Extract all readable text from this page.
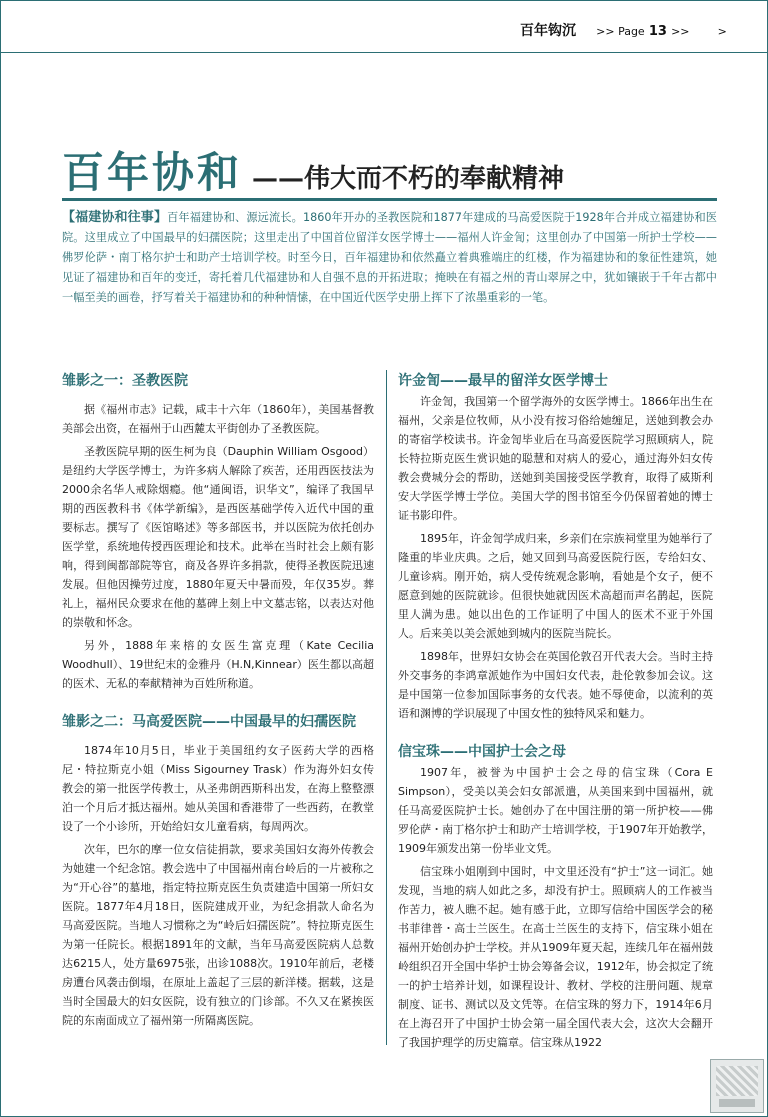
百年钩沉 >> Page 13 >>	>
百年协和 ——伟大而不朽的奉献精神
【福建协和往事】百年福建协和、源远流长。1860年开办的圣教医院和1877年建成的马高爱医院于1928年合并成立福建协和医院。这里成立了中国最早的妇孺医院；这里走出了中国首位留洋女医学博士——福州人许金訇；这里创办了中国第一所护士学校——佛罗伦萨・南丁格尔护士和助产士培训学校。时至今日，百年福建协和依然矗立着典雅端庄的红楼，作为福建协和的象征性建筑，她见证了福建协和百年的变迁，寄托着几代福建协和人自强不息的开拓进取；掩映在有福之州的青山翠屏之中，犹如镶嵌于千年古都中一幅至美的画卷，抒写着关于福建协和的种种情愫，在中国近代医学史册上挥下了浓墨重彩的一笔。
雏影之一：圣教医院

据《福州市志》记载，咸丰十六年（1860年），美国基督教美部会出资，在福州于山西麓太平街创办了圣教医院。

圣教医院早期的医生柯为良（Dauphin William Osgood）是纽约大学医学博士，为许多病人解除了疾苦，还用西医技法为2000余名华人戒除烟瘾。他“通闽语，识华文”，编译了我国早期的西医教科书《体学新编》，是西医基础学传入近代中国的重要标志。撰写了《医馆略述》等多部医书，并以医院为依托创办医学堂，系统地传授西医理论和技术。此举在当时社会上颇有影响，得到闽都部院等官，商及各界许多捐款，使得圣教医院迅速发展。但他因操劳过度，1880年夏天中暑而殁，年仅35岁。葬礼上，福州民众要求在他的墓碑上刻上中文墓志铭，以表达对他的崇敬和怀念。

另外，1888年来榕的女医生富克理（Kate Cecilia Woodhull）、19世纪末的金雅丹（H.N,Kinnear）医生都以高超的医术、无私的奉献精神为百姓所称道。

雏影之二：马高爱医院——中国最早的妇孺医院

1874年10月5日，毕业于美国纽约女子医药大学的西格尼・特拉斯克小姐（Miss Sigourney Trask）作为海外妇女传教会的第一批医学传教士，从圣弗朗西斯科出发，在海上整整漂泊一个月后才抵达福州。她从美国和香港带了一些西药，在教堂设了一个小诊所，开始给妇女儿童看病，每周两次。

次年，巴尔的摩一位女信徒捐款，要求美国妇女海外传教会为她建一个纪念馆。教会选中了中国福州南台岭后的一片被称之为“开心谷”的墓地，指定特拉斯克医生负责建造中国第一所妇女医院。1877年4月18日，医院建成开业，为纪念捐款人命名为马高爱医院。当地人习惯称之为“岭后妇孺医院”。特拉斯克医生为第一任院长。根据1891年的文献，当年马高爱医院病人总数达6215人，处方量6975张，出诊1088次。1910年前后，老楼房遭台风袭击倒塌，在原址上盖起了三层的新洋楼。据载，这是当时全国最大的妇女医院，设有独立的门诊部。不久又在紧挨医院的东南面成立了福州第一所隔离医院。

许金訇——最早的留洋女医学博士

许金訇，我国第一个留学海外的女医学博士。1866年出生在福州，父亲是位牧师，从小没有按习俗给她缠足，送她到教会办的寄宿学校读书。许金訇毕业后在马高爱医院学习照顾病人，院长特拉斯克医生赏识她的聪慧和对病人的爱心，通过海外妇女传教会费城分会的帮助，送她到美国接受医学教育，取得了威斯利安大学医学博士学位。美国大学的图书馆至今仍保留着她的博士证书影印件。

1895年，许金訇学成归来，乡亲们在宗族祠堂里为她举行了隆重的毕业庆典。之后，她又回到马高爱医院行医，专给妇女、儿童诊病。刚开始，病人受传统观念影响，看她是个女子，便不愿意到她的医院就诊。但很快她就因医术高超而声名鹊起，医院里人满为患。她以出色的工作证明了中国人的医术不亚于外国人。后来美以美会派她到城内的医院当院长。

1898年，世界妇女协会在英国伦敦召开代表大会。当时主持外交事务的李鸿章派她作为中国妇女代表，赴伦敦参加会议。这是中国第一位参加国际事务的女代表。她不辱使命，以流利的英语和渊博的学识展现了中国女性的独特风采和魅力。

信宝珠——中国护士会之母

1907年，被誉为中国护士会之母的信宝珠（Cora E Simpson），受美以美会妇女部派遣，从美国来到中国福州，就任马高爱医院护士长。她创办了在中国注册的第一所护校——佛罗伦萨・南丁格尔护士和助产士培训学校，于1907年开始教学，1909年颁发出第一份毕业文凭。

信宝珠小姐刚到中国时，中文里还没有“护士”这一词汇。她发现，当地的病人如此之多，却没有护士。照顾病人的工作被当作苦力，被人瞧不起。她有感于此，立即写信给中国医学会的秘书菲律普・高士兰医生。在高士兰医生的支持下，信宝珠小姐在福州开始创办护士学校。并从1909年夏天起，连续几年在福州鼓岭组织召开全国中华护士协会筹备会议，1912年，协会拟定了统一的护士培养计划，如课程设计、教材、学校的注册问题、规章制度、证书、测试以及文凭等。在信宝珠的努力下，1914年6月在上海召开了中国护士协会第一届全国代表大会，这次大会翻开了我国护理学的历史篇章。信宝珠从1922
